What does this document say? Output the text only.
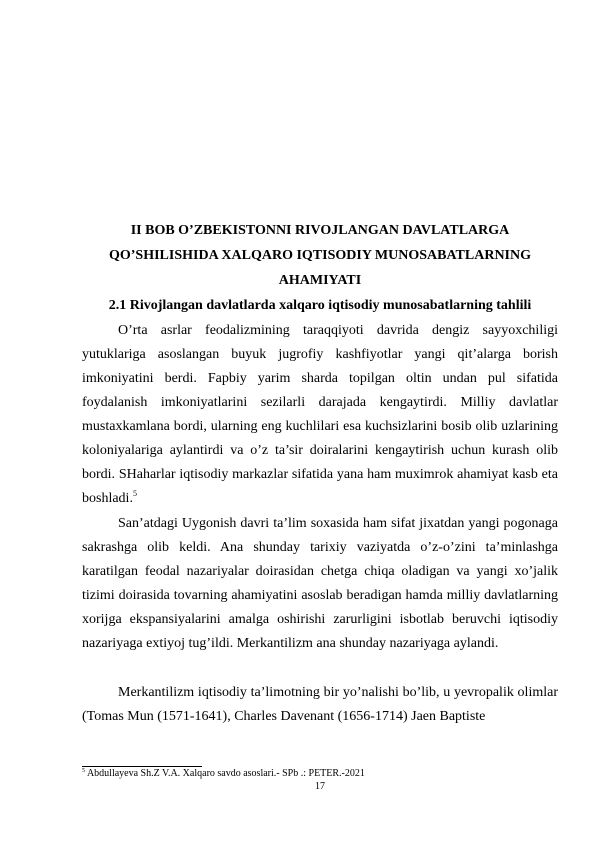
II BOB O’ZBEKISTONNI RIVOJLANGAN DAVLATLARGA
QO’SHILISHIDA XALQARO IQTISODIY MUNOSABATLARNING
AHAMIYATI
2.1 Rivojlangan davlatlarda xalqaro iqtisodiy munosabatlarning tahlili

O’rta asrlar feodalizmining taraqqiyoti davrida dengiz sayyoxchiligi yutuklariga asoslangan buyuk jugrofiy kashfiyotlar yangi qit’alarga borish imkoniyatini berdi. Fapbiy yarim sharda topilgan oltin undan pul sifatida foydalanish imkoniyatlarini sezilarli darajada kengaytirdi. Milliy davlatlar mustaxkamlana bordi, ularning eng kuchlilari esa kuchsizlarini bosib olib uzlarining koloniyalariga aylantirdi va o’z ta’sir doiralarini kengaytirish uchun kurash olib bordi. SHaharlar iqtisodiy markazlar sifatida yana ham muximrok ahamiyat kasb eta boshladi.$^5$

San’atdagi Uygonish davri ta’lim soxasida ham sifat jixatdan yangi pogonaga sakrashga olib keldi. Ana shunday tarixiy vaziyatda o’z-o’zini ta’minlashga karatilgan feodal nazariyalar doirasidan chetga chiqa oladigan va yangi xo’jalik tizimi doirasida tovarning ahamiyatini asoslab beradigan hamda milliy davlatlarning xorijga ekspansiyalarini amalga oshirishi zarurligini isbotlab beruvchi iqtisodiy nazariyaga extiyoj tug’ildi. Merkantilizm ana shunday nazariyaga aylandi.

Merkantilizm iqtisodiy ta’limotning bir yo’nalishi bo’lib, u yevropalik olimlar (Tomas Mun (1571-1641), Charles Davenant (1656-1714) Jaen Baptiste

$^5$ Abdullayeva Sh.Z V.A. Xalqaro savdo asoslari.- SPb .: PETER.-2021
17
